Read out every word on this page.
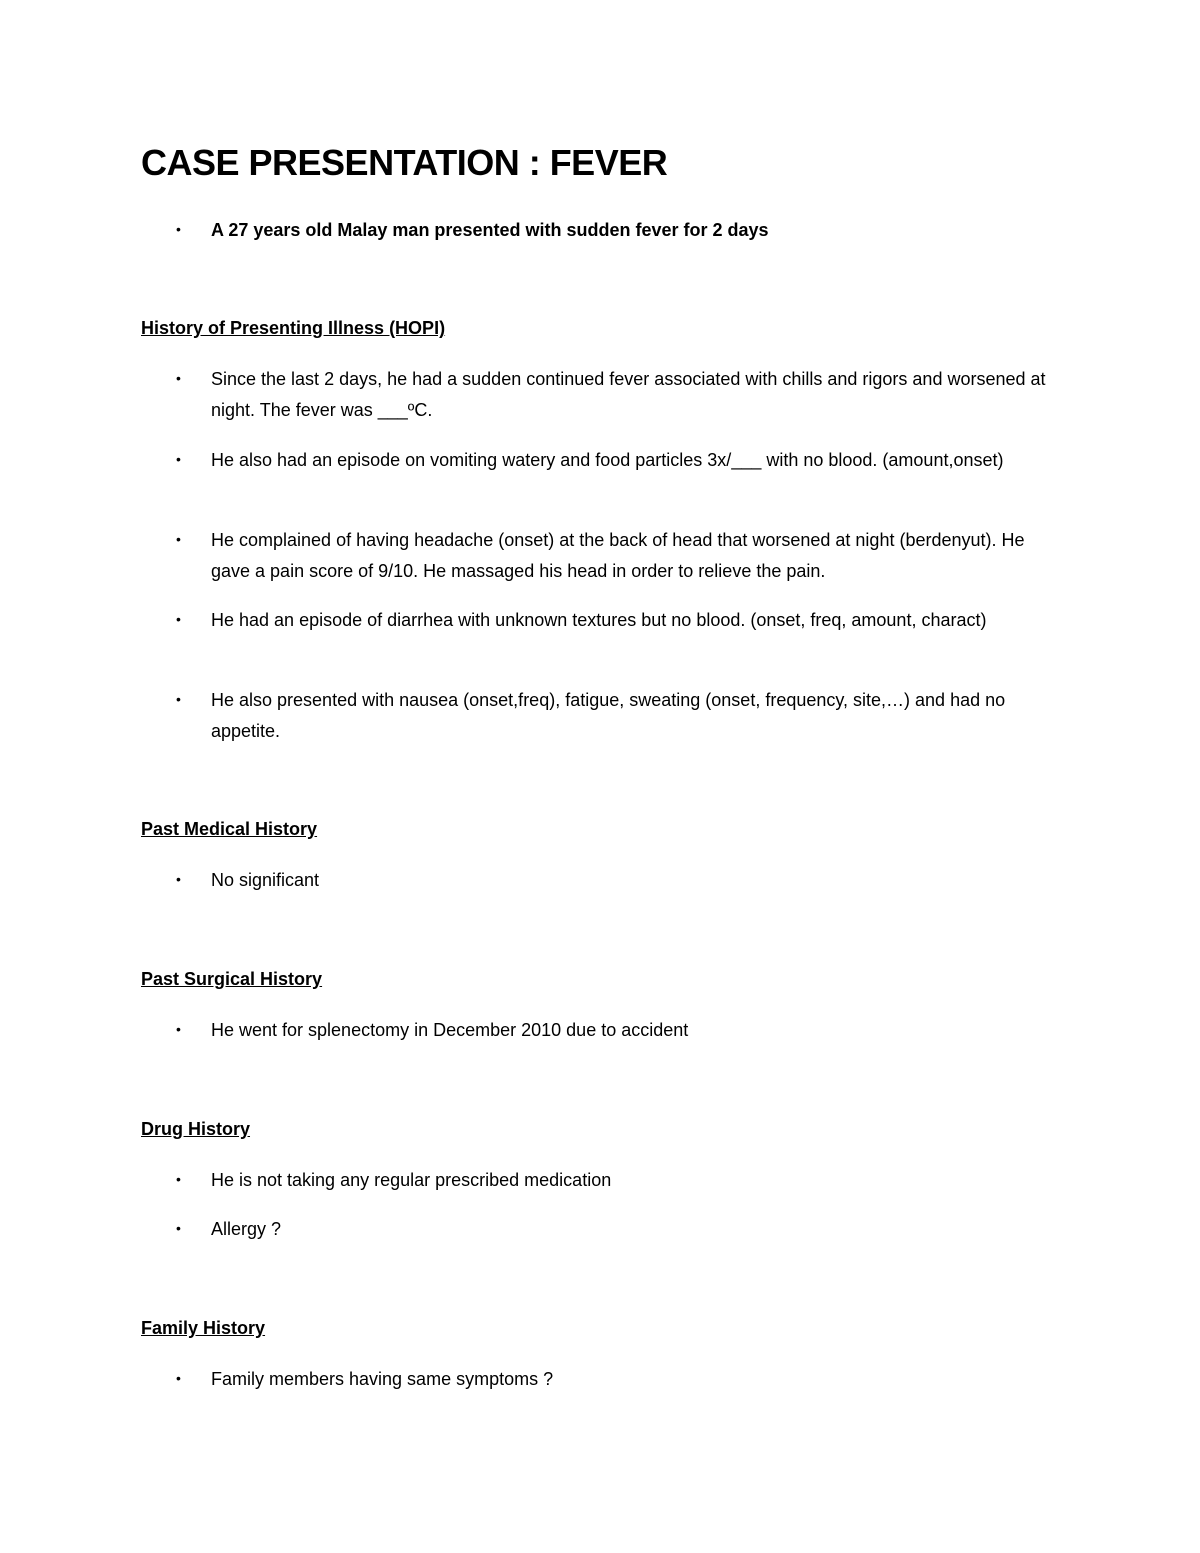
CASE PRESENTATION : FEVER
• A 27 years old Malay man presented with sudden fever for 2 days
History of Presenting Illness (HOPI)
• Since the last 2 days, he had a sudden continued fever associated with chills and rigors and worsened at night. The fever was ___ºC.
• He also had an episode on vomiting watery and food particles 3x/___ with no blood. (amount,onset)
• He complained of having headache (onset) at the back of head that worsened at night (berdenyut). He gave a pain score of 9/10. He massaged his head in order to relieve the pain.
• He had an episode of diarrhea with unknown textures but no blood. (onset, freq, amount, charact)
• He also presented with nausea (onset,freq), fatigue, sweating (onset, frequency, site,…) and had no appetite.
Past Medical History
• No significant
Past Surgical History
• He went for splenectomy in December 2010 due to accident
Drug History
• He is not taking any regular prescribed medication
• Allergy ?
Family History
• Family members having same symptoms ?
